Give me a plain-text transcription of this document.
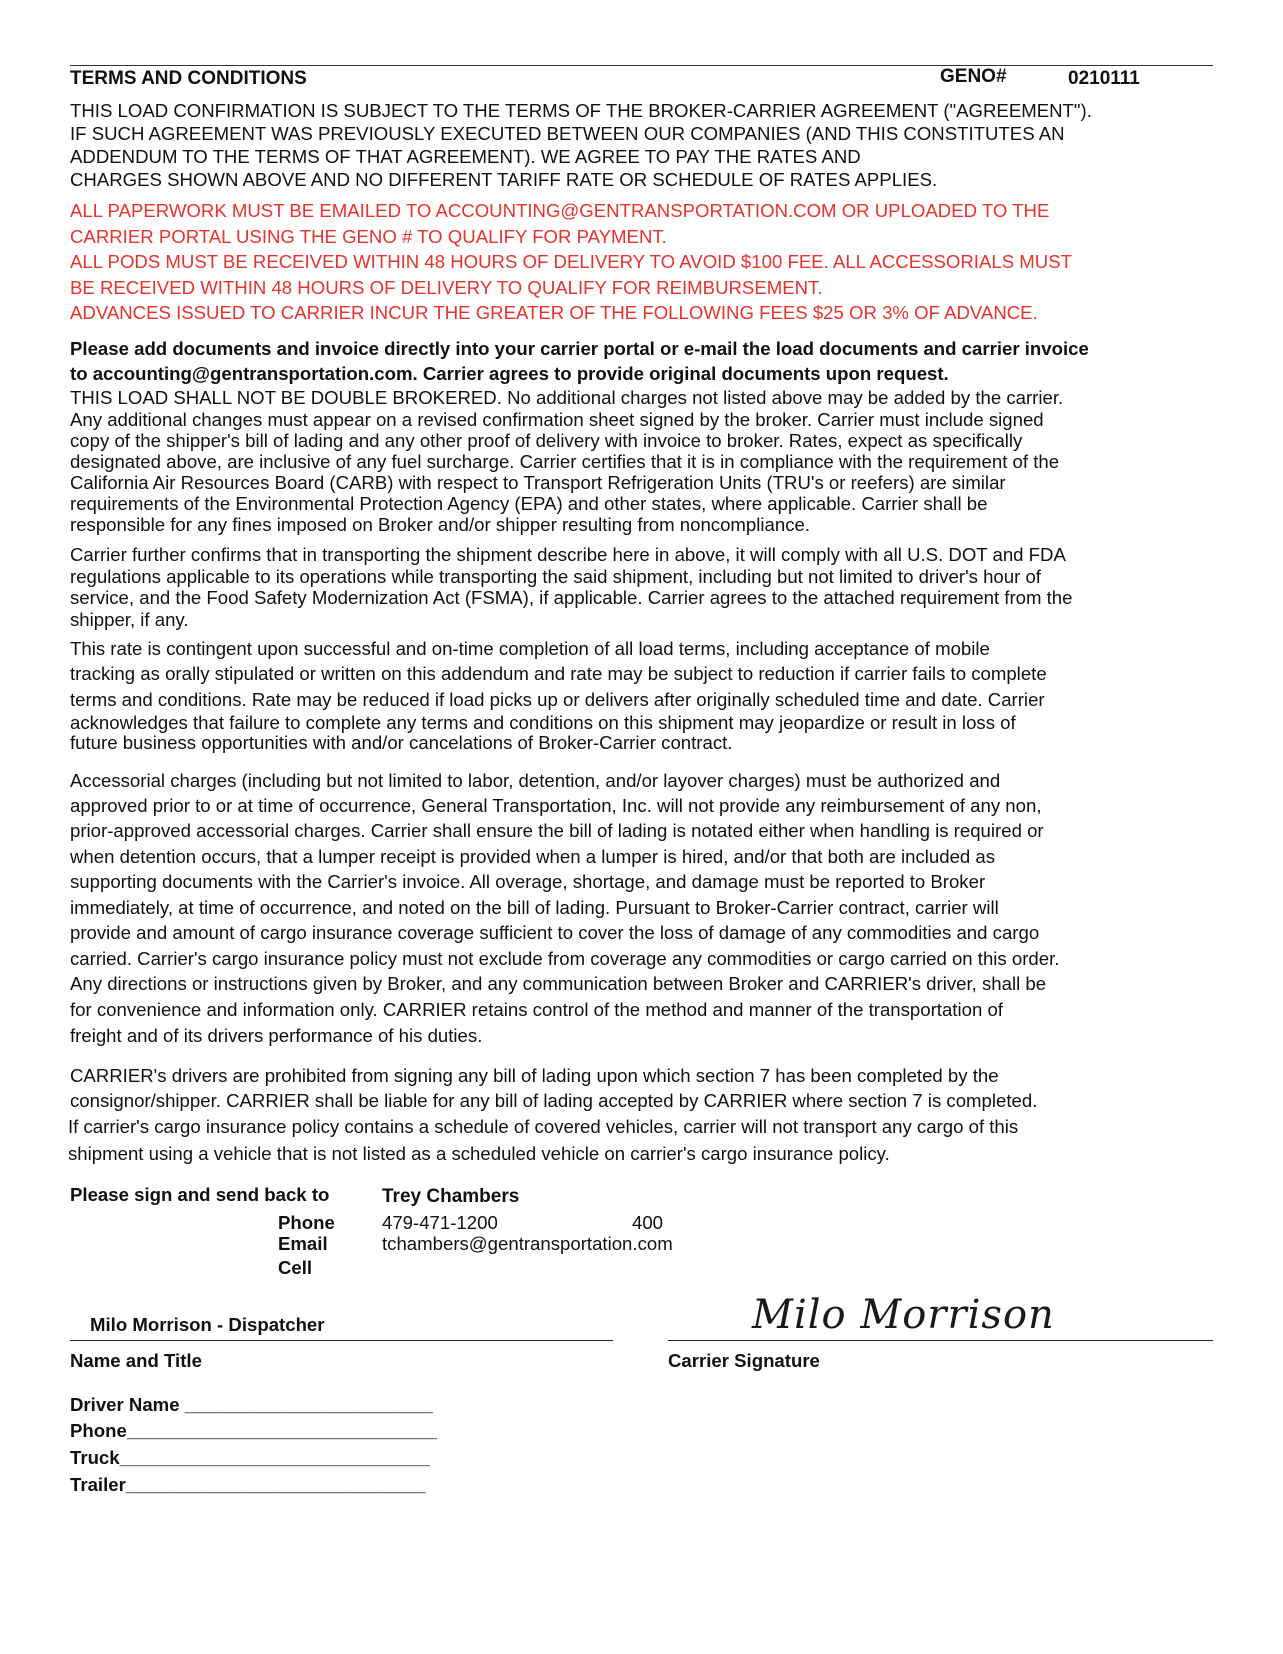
TERMS AND CONDITIONS	GENO#	0210111
THIS LOAD CONFIRMATION IS SUBJECT TO THE TERMS OF THE BROKER-CARRIER AGREEMENT ("AGREEMENT").
IF SUCH AGREEMENT WAS PREVIOUSLY EXECUTED BETWEEN OUR COMPANIES (AND THIS CONSTITUTES AN
ADDENDUM TO THE TERMS OF THAT AGREEMENT). WE AGREE TO PAY THE RATES AND
CHARGES SHOWN ABOVE AND NO DIFFERENT TARIFF RATE OR SCHEDULE OF RATES APPLIES.
ALL PAPERWORK MUST BE EMAILED TO ACCOUNTING@GENTRANSPORTATION.COM OR UPLOADED TO THE
CARRIER PORTAL USING THE GENO # TO QUALIFY FOR PAYMENT.
ALL PODS MUST BE RECEIVED WITHIN 48 HOURS OF DELIVERY TO AVOID $100 FEE. ALL ACCESSORIALS MUST
BE RECEIVED WITHIN 48 HOURS OF DELIVERY TO QUALIFY FOR REIMBURSEMENT.
ADVANCES ISSUED TO CARRIER INCUR THE GREATER OF THE FOLLOWING FEES $25 OR 3% OF ADVANCE.
Please add documents and invoice directly into your carrier portal or e-mail the load documents and carrier invoice
to accounting@gentransportation.com. Carrier agrees to provide original documents upon request.
THIS LOAD SHALL NOT BE DOUBLE BROKERED. No additional charges not listed above may be added by the carrier.
Any additional changes must appear on a revised confirmation sheet signed by the broker. Carrier must include signed
copy of the shipper's bill of lading and any other proof of delivery with invoice to broker. Rates, expect as specifically
designated above, are inclusive of any fuel surcharge. Carrier certifies that it is in compliance with the requirement of the
California Air Resources Board (CARB) with respect to Transport Refrigeration Units (TRU's or reefers) are similar
requirements of the Environmental Protection Agency (EPA) and other states, where applicable. Carrier shall be
responsible for any fines imposed on Broker and/or shipper resulting from noncompliance.
Carrier further confirms that in transporting the shipment describe here in above, it will comply with all U.S. DOT and FDA
regulations applicable to its operations while transporting the said shipment, including but not limited to driver's hour of
service, and the Food Safety Modernization Act (FSMA), if applicable. Carrier agrees to the attached requirement from the
shipper, if any.
This rate is contingent upon successful and on-time completion of all load terms, including acceptance of mobile
tracking as orally stipulated or written on this addendum and rate may be subject to reduction if carrier fails to complete
terms and conditions. Rate may be reduced if load picks up or delivers after originally scheduled time and date. Carrier
acknowledges that failure to complete any terms and conditions on this shipment may jeopardize or result in loss of
future business opportunities with and/or cancelations of Broker-Carrier contract.
Accessorial charges (including but not limited to labor, detention, and/or layover charges) must be authorized and
approved prior to or at time of occurrence, General Transportation, Inc. will not provide any reimbursement of any non,
prior-approved accessorial charges. Carrier shall ensure the bill of lading is notated either when handling is required or
when detention occurs, that a lumper receipt is provided when a lumper is hired, and/or that both are included as
supporting documents with the Carrier's invoice. All overage, shortage, and damage must be reported to Broker
immediately, at time of occurrence, and noted on the bill of lading. Pursuant to Broker-Carrier contract, carrier will
provide and amount of cargo insurance coverage sufficient to cover the loss of damage of any commodities and cargo
carried. Carrier's cargo insurance policy must not exclude from coverage any commodities or cargo carried on this order.
Any directions or instructions given by Broker, and any communication between Broker and CARRIER's driver, shall be
for convenience and information only. CARRIER retains control of the method and manner of the transportation of
freight and of its drivers performance of his duties.
CARRIER's drivers are prohibited from signing any bill of lading upon which section 7 has been completed by the
consignor/shipper. CARRIER shall be liable for any bill of lading accepted by CARRIER where section 7 is completed.
If carrier's cargo insurance policy contains a schedule of covered vehicles, carrier will not transport any cargo of this
shipment using a vehicle that is not listed as a scheduled vehicle on carrier's cargo insurance policy.
Please sign and send back to	Trey Chambers
Phone	479-471-1200	400
Email	tchambers@gentransportation.com
Cell
Milo Morrison - Dispatcher
Name and Title
Milo Morrison
Carrier Signature
Driver Name ________________________
Phone______________________________
Truck______________________________
Trailer_____________________________
